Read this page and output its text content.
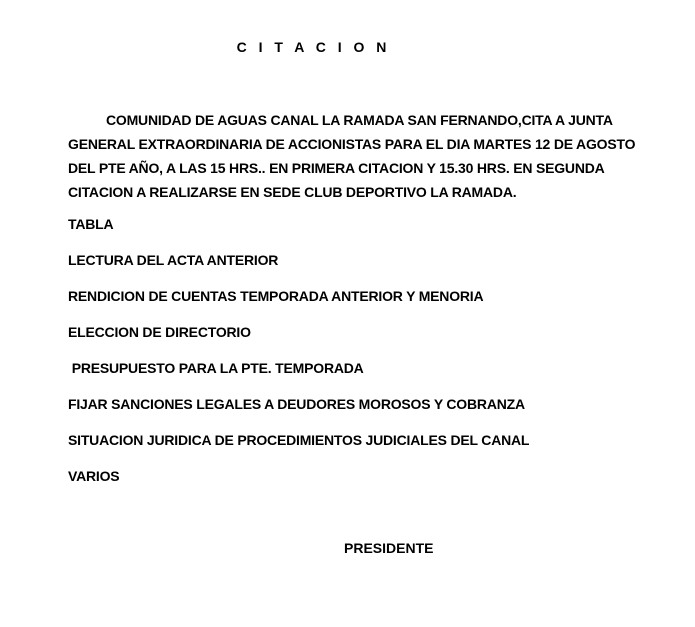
C I T A C I O N
COMUNIDAD DE AGUAS CANAL LA RAMADA SAN FERNANDO,CITA A JUNTA GENERAL EXTRAORDINARIA DE ACCIONISTAS PARA EL DIA MARTES 12 DE AGOSTO DEL PTE AÑO, A LAS 15 HRS.. EN PRIMERA CITACION Y 15.30 HRS. EN SEGUNDA CITACION A REALIZARSE EN SEDE CLUB DEPORTIVO LA RAMADA.
TABLA
LECTURA DEL ACTA ANTERIOR
RENDICION DE CUENTAS TEMPORADA ANTERIOR Y MENORIA
ELECCION DE DIRECTORIO
PRESUPUESTO PARA LA PTE. TEMPORADA
FIJAR SANCIONES LEGALES A DEUDORES MOROSOS Y COBRANZA
SITUACION JURIDICA DE PROCEDIMIENTOS JUDICIALES DEL CANAL
VARIOS
PRESIDENTE
